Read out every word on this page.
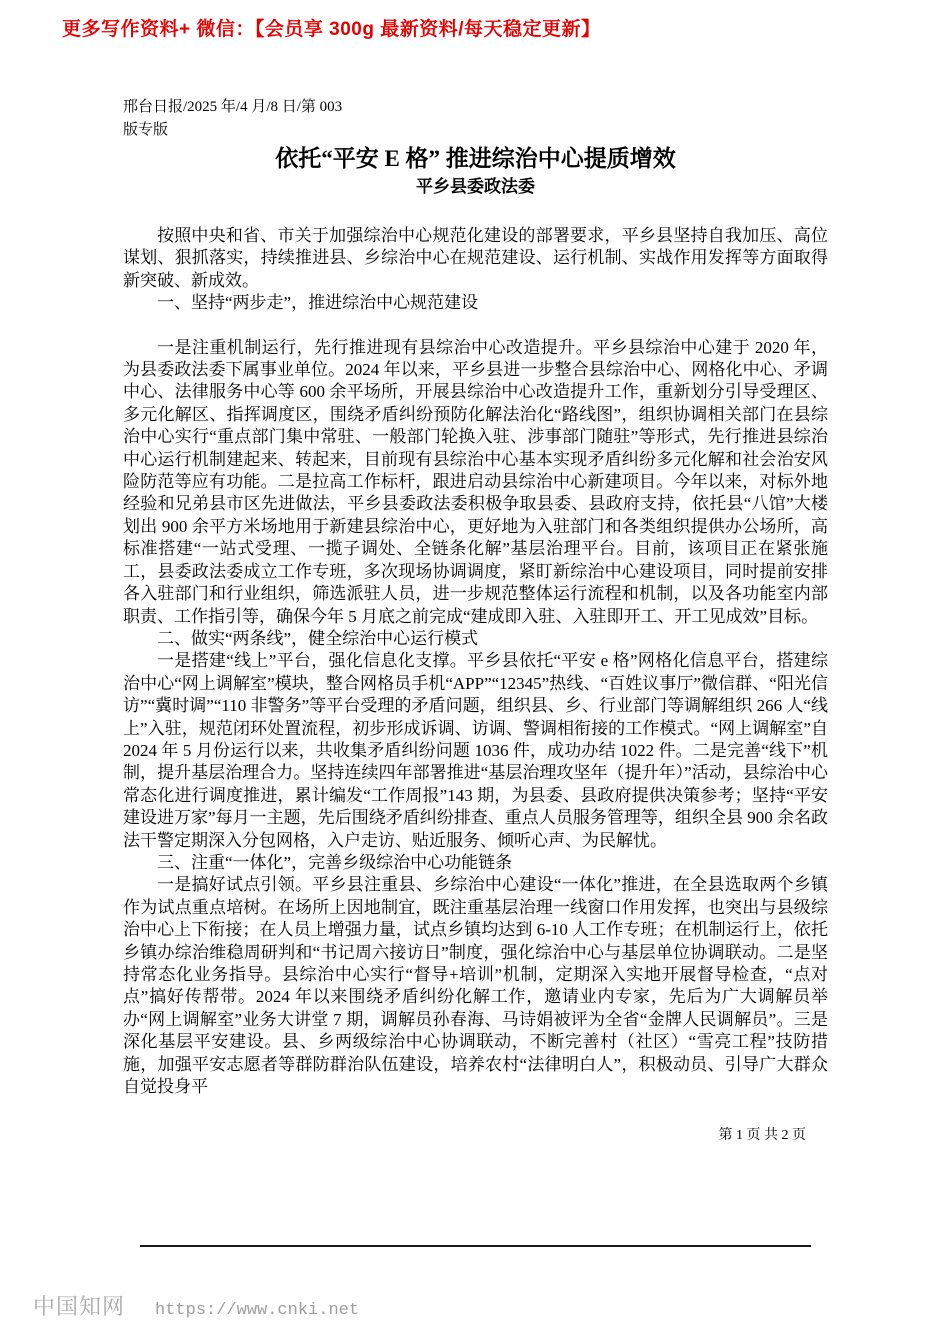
更多写作资料+ 微信：【会员享 300g 最新资料/每天稳定更新】
邢台日报/2025 年/4 月/8 日/第 003
版专版
依托“平安 E 格” 推进综治中心提质增效
平乡县委政法委

按照中央和省、市关于加强综治中心规范化建设的部署要求，平乡县坚持自我加压、高位谋划、狠抓落实，持续推进县、乡综治中心在规范建设、运行机制、实战作用发挥等方面取得新突破、新成效。

一、坚持“两步走”，推进综治中心规范建设

一是注重机制运行，先行推进现有县综治中心改造提升。平乡县综治中心建于 2020 年，为县委政法委下属事业单位。2024 年以来，平乡县进一步整合县综治中心、网格化中心、矛调中心、法律服务中心等 600 余平场所，开展县综治中心改造提升工作，重新划分引导受理区、多元化解区、指挥调度区，围绕矛盾纠纷预防化解法治化“路线图”，组织协调相关部门在县综治中心实行“重点部门集中常驻、一般部门轮换入驻、涉事部门随驻”等形式，先行推进县综治中心运行机制建起来、转起来，目前现有县综治中心基本实现矛盾纠纷多元化解和社会治安风险防范等应有功能。二是拉高工作标杆，跟进启动县综治中心新建项目。今年以来，对标外地经验和兄弟县市区先进做法，平乡县委政法委积极争取县委、县政府支持，依托县“八馆”大楼划出 900 余平方米场地用于新建县综治中心，更好地为入驻部门和各类组织提供办公场所，高标准搭建“一站式受理、一揽子调处、全链条化解”基层治理平台。目前，该项目正在紧张施工，县委政法委成立工作专班，多次现场协调调度，紧盯新综治中心建设项目，同时提前安排各入驻部门和行业组织，筛选派驻人员，进一步规范整体运行流程和机制，以及各功能室内部职责、工作指引等，确保今年 5 月底之前完成“建成即入驻、入驻即开工、开工见成效”目标。

二、做实“两条线”，健全综治中心运行模式

一是搭建“线上”平台，强化信息化支撑。平乡县依托“平安 e 格”网格化信息平台，搭建综治中心“网上调解室”模块，整合网格员手机“APP”“12345”热线、“百姓议事厅”微信群、“阳光信访”“冀时调”“110 非警务”等平台受理的矛盾问题，组织县、乡、行业部门等调解组织 266 人“线上”入驻，规范闭环处置流程，初步形成诉调、访调、警调相衔接的工作模式。“网上调解室”自 2024 年 5 月份运行以来，共收集矛盾纠纷问题 1036 件，成功办结 1022 件。二是完善“线下”机制，提升基层治理合力。坚持连续四年部署推进“基层治理攻坚年（提升年）”活动，县综治中心常态化进行调度推进，累计编发“工作周报”143 期，为县委、县政府提供决策参考；坚持“平安建设进万家”每月一主题，先后围绕矛盾纠纷排查、重点人员服务管理等，组织全县 900 余名政法干警定期深入分包网格，入户走访、贴近服务、倾听心声、为民解忧。

三、注重“一体化”，完善乡级综治中心功能链条

一是搞好试点引领。平乡县注重县、乡综治中心建设“一体化”推进，在全县选取两个乡镇作为试点重点培树。在场所上因地制宜，既注重基层治理一线窗口作用发挥，也突出与县级综治中心上下衔接；在人员上增强力量，试点乡镇均达到 6-10 人工作专班；在机制运行上，依托乡镇办综治维稳周研判和“书记周六接访日”制度，强化综治中心与基层单位协调联动。二是坚持常态化业务指导。县综治中心实行“督导+培训”机制，定期深入实地开展督导检查，“点对点”搞好传帮带。2024 年以来围绕矛盾纠纷化解工作，邀请业内专家，先后为广大调解员举办“网上调解室”业务大讲堂 7 期，调解员孙春海、马诗娟被评为全省“金牌人民调解员”。三是深化基层平安建设。县、乡两级综治中心协调联动，不断完善村（社区）“雪亮工程”技防措施，加强平安志愿者等群防群治队伍建设，培养农村“法律明白人”，积极动员、引导广大群众自觉投身平

第 1 页 共 2 页
中国知网 https://www.cnki.net
